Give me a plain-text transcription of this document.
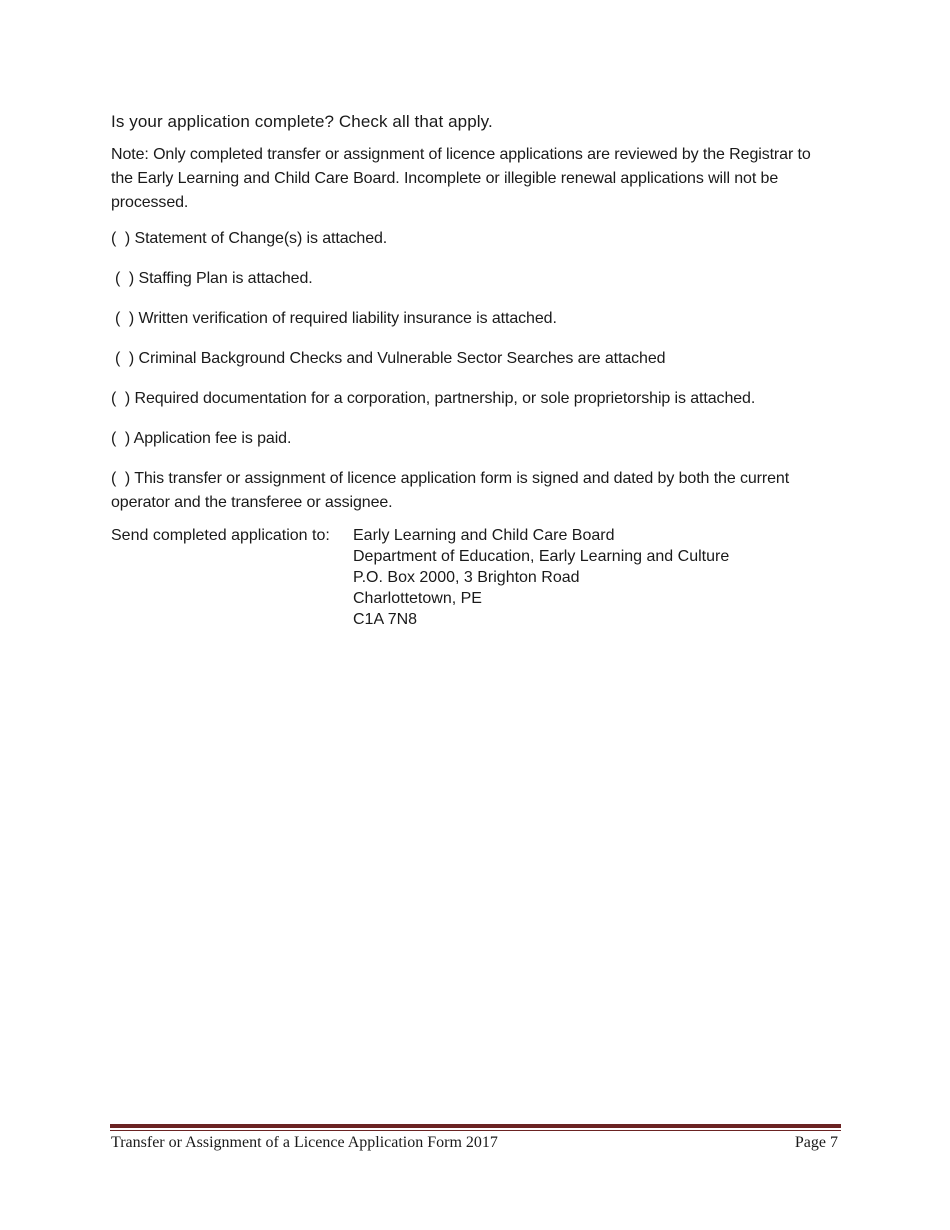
Is your application complete? Check all that apply.

Note: Only completed transfer or assignment of licence applications are reviewed by the Registrar to the Early Learning and Child Care Board. Incomplete or illegible renewal applications will not be processed.

(  ) Statement of Change(s) is attached.
(  ) Staffing Plan is attached.
(  ) Written verification of required liability insurance is attached.
(  ) Criminal Background Checks and Vulnerable Sector Searches are attached
(  ) Required documentation for a corporation, partnership, or sole proprietorship is attached.
(  ) Application fee is paid.
(  ) This transfer or assignment of licence application form is signed and dated by both the current operator and the transferee or assignee.
Send completed application to: Early Learning and Child Care Board
Department of Education, Early Learning and Culture
P.O. Box 2000, 3 Brighton Road
Charlottetown, PE
C1A 7N8
Transfer or Assignment of a Licence Application Form 2017	Page 7
